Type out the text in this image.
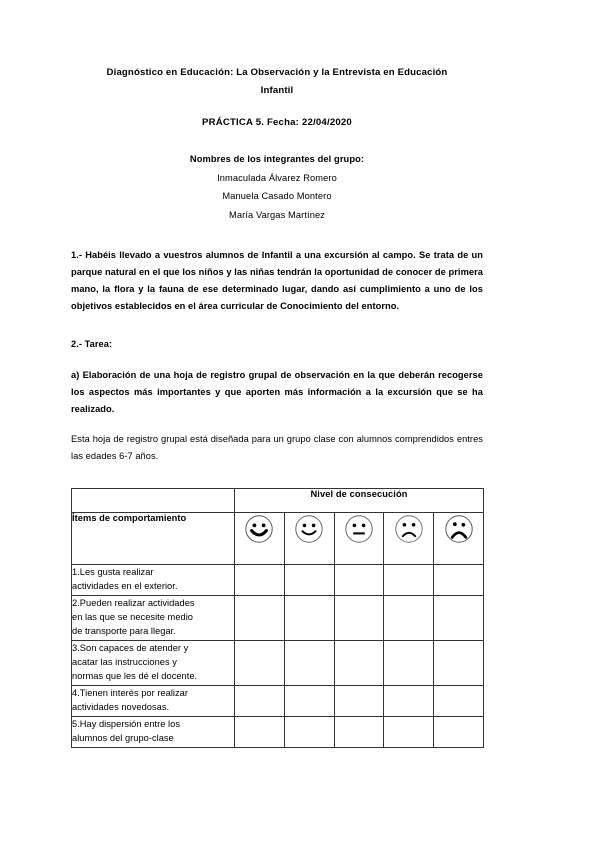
Diagnóstico en Educación: La Observación y la Entrevista en Educación
Infantil
PRÁCTICA 5. Fecha: 22/04/2020
Nombres de los integrantes del grupo:
Inmaculada Álvarez Romero
Manuela Casado Montero
María Vargas Martínez

1.- Habéis llevado a vuestros alumnos de Infantil a una excursión al campo. Se trata de un parque natural en el que los niños y las niñas tendrán la oportunidad de conocer de primera mano, la flora y la fauna de ese determinado lugar, dando así cumplimiento a uno de los objetivos establecidos en el área curricular de Conocimiento del entorno.

2.- Tarea:

a) Elaboración de una hoja de registro grupal de observación en la que deberán recogerse los aspectos más importantes y que aporten más información a la excursión que se ha realizado.

Esta hoja de registro grupal está diseñada para un grupo clase con alumnos comprendidos entres las edades 6-7 años.

	Nivel de consecución				
Ítems de comportamiento	

1.Les gusta realizar
actividades en el exterior.					
2.Pueden realizar actividades
en las que se necesite medio
de transporte para llegar.					
3.Son capaces de atender y
acatar las instrucciones y
normas que les dé el docente.					
4.Tienen interés por realizar
actividades novedosas.					
5.Hay dispersión entre los
alumnos del grupo-clase					
